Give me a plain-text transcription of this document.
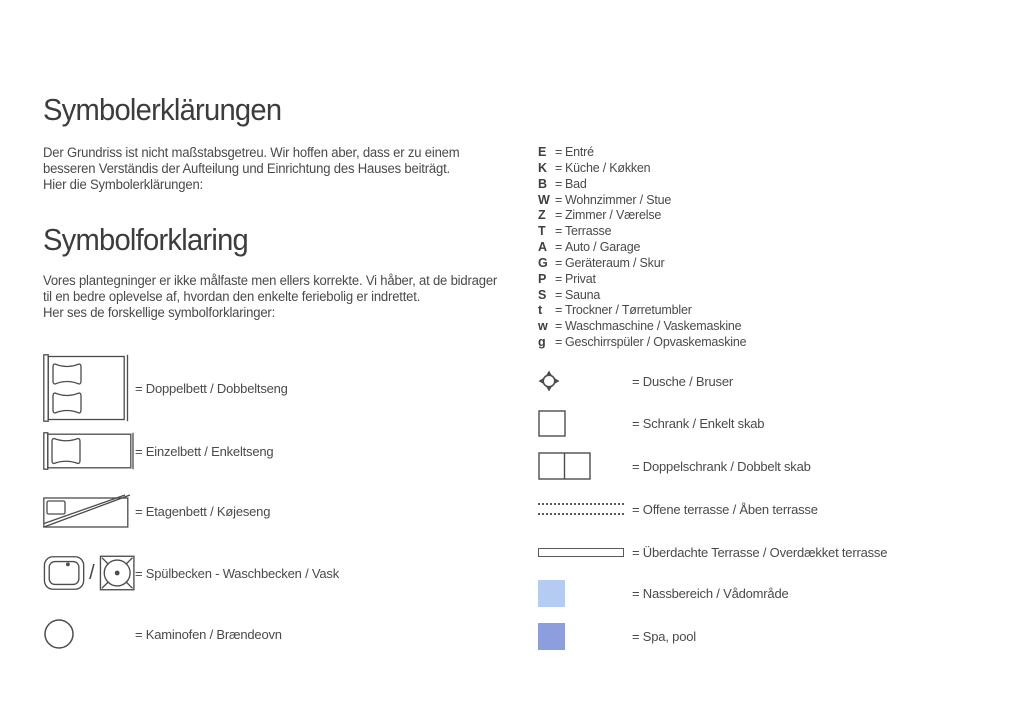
Symbolerklärungen
Der Grundriss ist nicht maßstabsgetreu. Wir hoffen aber, dass er zu einem
besseren Verständis der Aufteilung und Einrichtung des Hauses beiträgt.
Hier die Symbolerklärungen:
Symbolforklaring
Vores plantegninger er ikke målfaste men ellers korrekte. Vi håber, at de bidrager
til en bedre oplevelse af, hvordan den enkelte feriebolig er indrettet.
Her ses de forskellige symbolforklaringer:
E = Entré
K = Küche / Køkken
B = Bad
W = Wohnzimmer / Stue
Z = Zimmer / Værelse
T = Terrasse
A = Auto / Garage
G = Geräteraum / Skur
P = Privat
S = Sauna
t	= Trockner / Tørretumbler
w = Waschmaschine / Vaskemaskine
g = Geschirrspüler / Opvaskemaskine
= Doppelbett / Dobbeltseng
= Einzelbett / Enkeltseng
= Etagenbett / Køjeseng
/	= Spülbecken - Waschbecken / Vask
= Kaminofen / Brændeovn
= Dusche / Bruser
= Schrank / Enkelt skab
= Doppelschrank / Dobbelt skab
= Offene terrasse / Åben terrasse
= Überdachte Terrasse / Overdækket terrasse
= Nassbereich / Vådområde
= Spa, pool
